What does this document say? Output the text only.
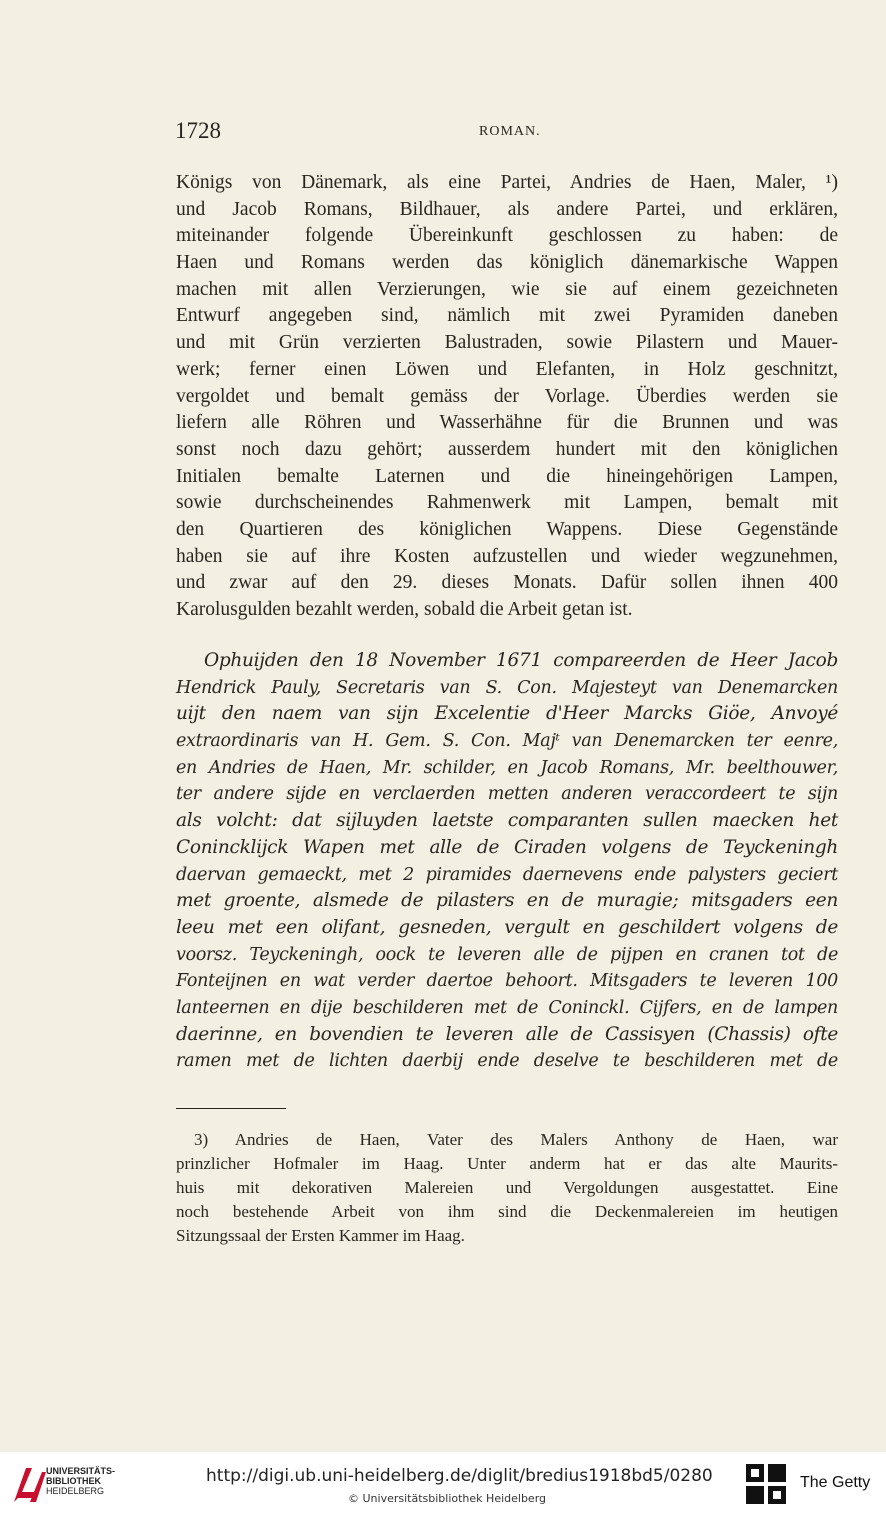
1728	ROMAN.
Königs von Dänemark, als eine Partei, Andries de Haen, Maler, ¹)
und Jacob Romans, Bildhauer, als andere Partei, und erklären,
miteinander folgende Übereinkunft geschlossen zu haben: de
Haen und Romans werden das königlich dänemarkische Wappen
machen mit allen Verzierungen, wie sie auf einem gezeichneten
Entwurf angegeben sind, nämlich mit zwei Pyramiden daneben
und mit Grün verzierten Balustraden, sowie Pilastern und Mauer-
werk; ferner einen Löwen und Elefanten, in Holz geschnitzt,
vergoldet und bemalt gemäss der Vorlage. Überdies werden sie
liefern alle Röhren und Wasserhähne für die Brunnen und was
sonst noch dazu gehört; ausserdem hundert mit den königlichen
Initialen bemalte Laternen und die hineingehörigen Lampen,
sowie durchscheinendes Rahmenwerk mit Lampen, bemalt mit
den Quartieren des königlichen Wappens. Diese Gegenstände
haben sie auf ihre Kosten aufzustellen und wieder wegzunehmen,
und zwar auf den 29. dieses Monats. Dafür sollen ihnen 400
Karolusgulden bezahlt werden, sobald die Arbeit getan ist.
Ophuijden den 18 November 1671 compareerden de Heer Jacob
Hendrick Pauly, Secretaris van S. Con. Majesteyt van Denemarcken
uijt den naem van sijn Excelentie d'Heer Marcks Giöe, Anvoyé
extraordinaris van H. Gem. S. Con. Majᵗ van Denemarcken ter eenre,
en Andries de Haen, Mr. schilder, en Jacob Romans, Mr. beelthouwer,
ter andere sijde en verclaerden metten anderen veraccordeert te sijn
als volcht: dat sijluyden laetste comparanten sullen maecken het
Conincklijck Wapen met alle de Ciraden volgens de Teyckeningh
daervan gemaeckt, met 2 piramides daernevens ende palysters geciert
met groente, alsmede de pilasters en de muragie; mitsgaders een
leeu met een olifant, gesneden, vergult en geschildert volgens de
voorsz. Teyckeningh, oock te leveren alle de pijpen en cranen tot de
Fonteijnen en wat verder daertoe behoort. Mitsgaders te leveren 100
lanteernen en dije beschilderen met de Coninckl. Cijfers, en de lampen
daerinne, en bovendien te leveren alle de Cassisyen (Chassis) ofte
ramen met de lichten daerbij ende deselve te beschilderen met de
3) Andries de Haen, Vater des Malers Anthony de Haen, war
prinzlicher Hofmaler im Haag. Unter anderm hat er das alte Maurits-
huis mit dekorativen Malereien und Vergoldungen ausgestattet. Eine
noch bestehende Arbeit von ihm sind die Deckenmalereien im heutigen
Sitzungssaal der Ersten Kammer im Haag.
UNIVERSITÄTS-
BIBLIOTHEK
HEIDELBERG
http://digi.ub.uni-heidelberg.de/diglit/bredius1918bd5/0280
© Universitätsbibliothek Heidelberg
The Getty
